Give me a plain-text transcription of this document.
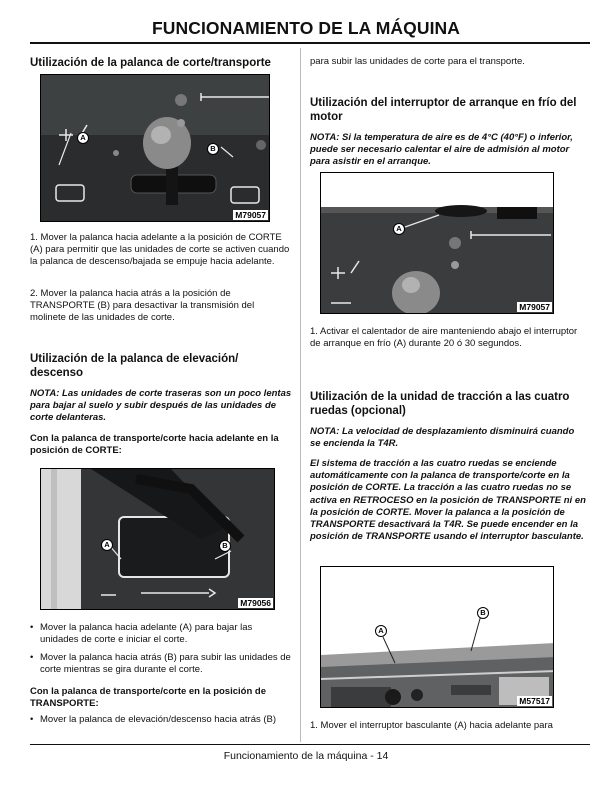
FUNCIONAMIENTO DE LA MÁQUINA
Utilización de la palanca de corte/transporte
A
B
M79057
1. Mover la palanca hacia adelante a la posición de CORTE (A) para permitir que las unidades de corte se activen cuando la palanca de descenso/bajada se empuje hacia adelante.
2. Mover la palanca hacia atrás a la posición de TRANSPORTE (B) para desactivar la transmisión del molinete de las unidades de corte.
Utilización de la palanca de elevación/ descenso
NOTA: Las unidades de corte traseras son un poco lentas para bajar al suelo y subir después de las unidades de corte delanteras.
Con la palanca de transporte/corte hacia adelante en la posición de CORTE:
A	B
M79056
• Mover la palanca hacia adelante (A) para bajar las unidades de corte e iniciar el corte.
• Mover la palanca hacia atrás (B) para subir las unidades de corte mientras se gira durante el corte.
Con la palanca de transporte/corte en la posición de TRANSPORTE:
• Mover la palanca de elevación/descenso hacia atrás (B)
para subir las unidades de corte para el transporte.
Utilización del interruptor de arranque en frío del motor
NOTA: Si la temperatura de aire es de 4°C (40°F) o inferior, puede ser necesario calentar el aire de admisión al motor para asistir en el arranque.
A
M79057
1. Activar el calentador de aire manteniendo abajo el interruptor de arranque en frío (A) durante 20 ó 30 segundos.
Utilización de la unidad de tracción a las cuatro ruedas (opcional)
NOTA: La velocidad de desplazamiento disminuirá cuando se encienda la T4R.
El sistema de tracción a las cuatro ruedas se enciende automáticamente con la palanca de transporte/corte en la posición de CORTE. La tracción a las cuatro ruedas no se activa en RETROCESO en la posición de TRANSPORTE ni en la posición de CORTE. Mover la palanca a la posición de TRANSPORTE desactivará la T4R. Se puede encender en la posición de TRANSPORTE usando el interruptor basculante.
A
B
M57517
1. Mover el interruptor basculante (A) hacia adelante para
Funcionamiento de la máquina - 14
